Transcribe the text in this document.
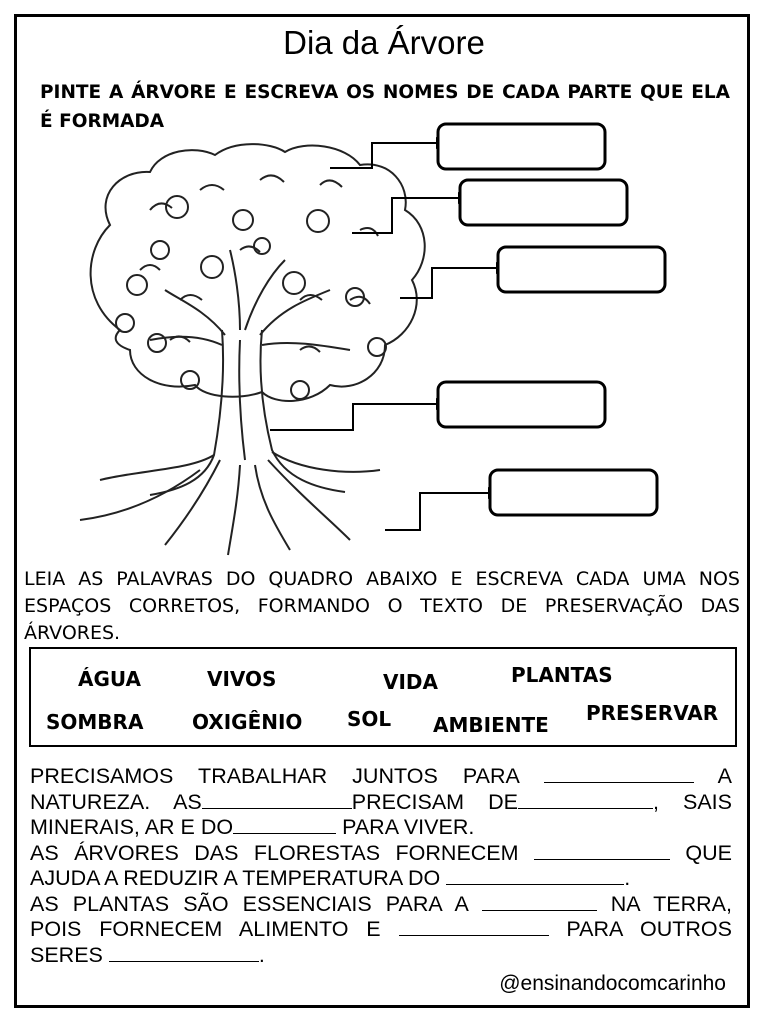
Dia da Árvore
PINTE A ÁRVORE E ESCREVA OS NOMES DE CADA PARTE QUE ELA É FORMADA
LEIA AS PALAVRAS DO QUADRO ABAIXO E ESCREVA CADA UMA NOS ESPAÇOS CORRETOS, FORMANDO O TEXTO DE PRESERVAÇÃO DAS ÁRVORES.
ÁGUA	VIVOS	VIDA	PLANTAS
SOMBRA OXIGÊNIO SOL AMBIENTE PRESERVAR
PRECISAMOS TRABALHAR JUNTOS PARA	A
NATUREZA. AS	PRECISAM DE	, SAIS
MINERAIS, AR E DO	PARA VIVER.
AS ÁRVORES DAS FLORESTAS FORNECEM	QUE
AJUDA A REDUZIR A TEMPERATURA DO	.
AS PLANTAS SÃO ESSENCIAIS PARA A	NA TERRA,
POIS FORNECEM ALIMENTO E	PARA OUTROS
SERES	.
@ensinandocomcarinho
